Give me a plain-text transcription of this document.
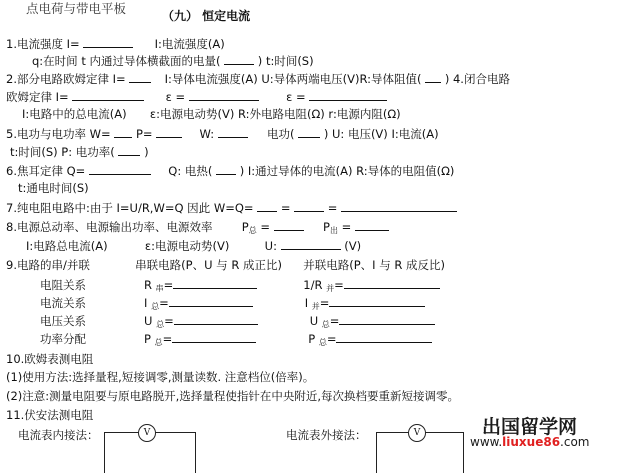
点电荷与带电平板	（九） 恒定电流
1.电流强度 I=	I:电流强度(A)
q:在时间 t 内通过导体横截面的电量(	) t:时间(S)
2.部分电路欧姆定律 I=	I:导体电流强度(A) U:导体两端电压(V)R:导体阻值( ) 4.闭合电路
欧姆定律 I=	ε =	ε =
I:电路中的总电流(A) ε:电源电动势(V) R:外电路电阻(Ω) r:电源内阻(Ω)
5.电功与电功率 W= P=	W:	电功(	) U: 电压(V) I:电流(A)
t:时间(S) P: 电功率(	)
6.焦耳定律 Q=	Q: 电热( ) I:通过导体的电流(A) R:导体的电阻值(Ω)
t:通电时间(S)
7.纯电阻电路中:由于 I=U/R,W=Q 因此 W=Q= =	=
8.电源总动率、电源输出功率、电源效率	$P_总$ =	$P_出$ =
I:电路总电流(A)	ε:电源电动势(V)	U:	(V)
9.电路的串/并联	串联电路(P、U 与 R 成正比) 并联电路(P、I 与 R 成反比)
电阻关系	R $_串$=	1/R $_并$=
电流关系	I $_总$=	I $_并$=
电压关系	U $_总$=	U $_总$=
功率分配	P $_总$=	P $_总$=
10.欧姆表测电阻
(1)使用方法:选择量程,短接调零,测量读数. 注意档位(倍率)。
(2)注意:测量电阻要与原电路脱开,选择量程使指针在中央附近,每次换档要重新短接调零。
11.伏安法测电阻
电流表内接法：	V	电流表外接法：	V	出国留学网
www.liuxue86.com
